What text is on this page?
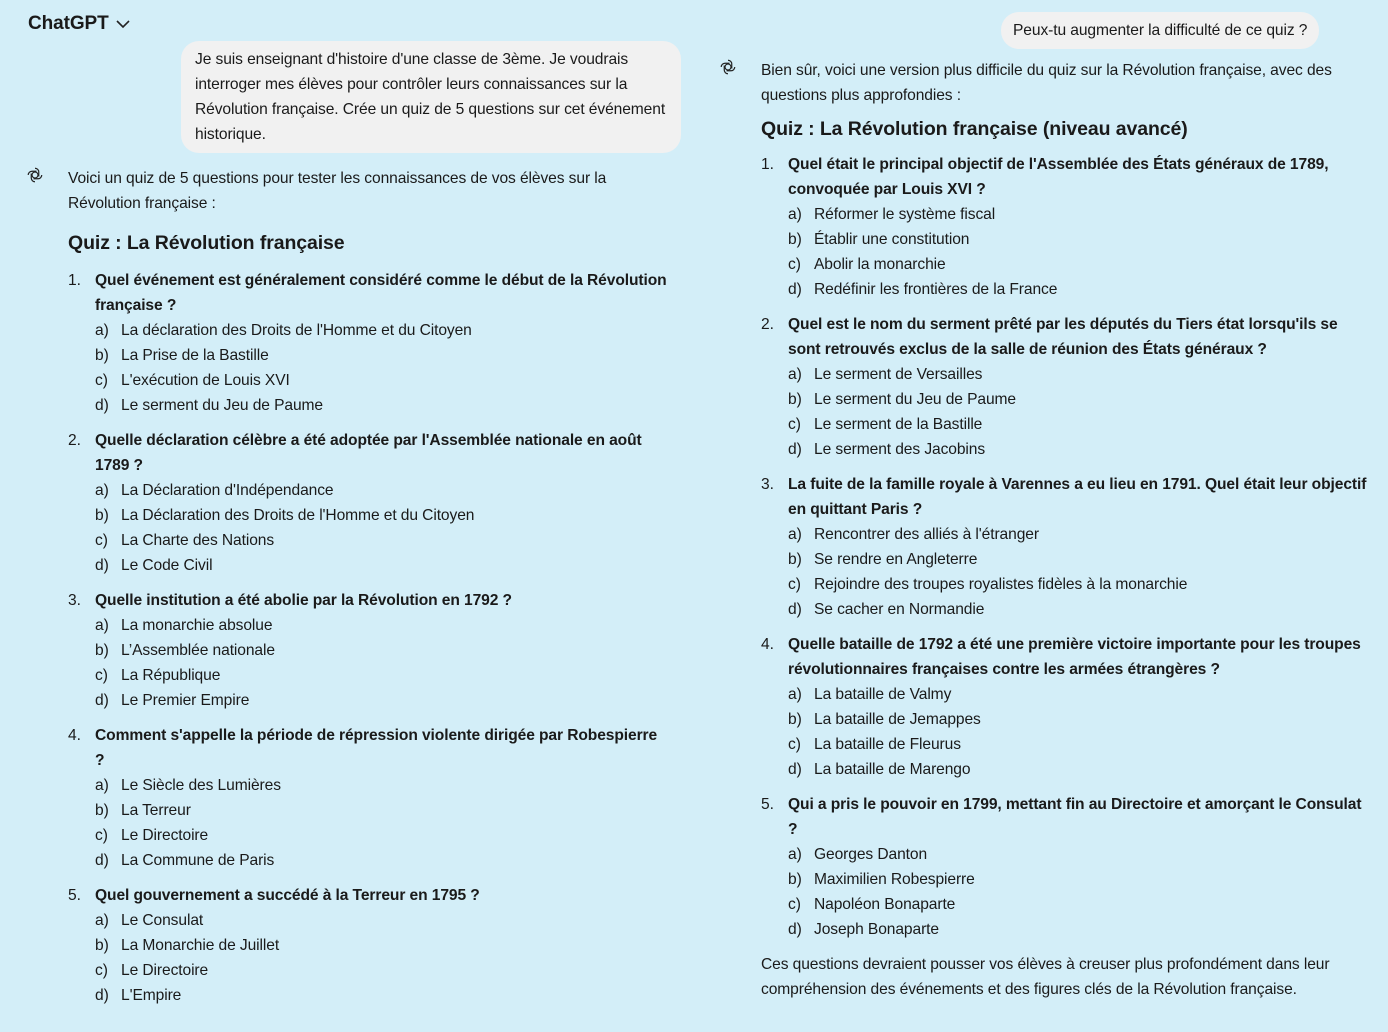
ChatGPT
Je suis enseignant d'histoire d'une classe de 3ème. Je voudrais interroger mes élèves pour contrôler leurs connaissances sur la Révolution française. Crée un quiz de 5 questions sur cet événement historique.
Peux-tu augmenter la difficulté de ce quiz ?

Voici un quiz de 5 questions pour tester les connaissances de vos élèves sur la Révolution française :

Quiz : La Révolution française
1. Quel événement est généralement considéré comme le début de la Révolution française ?
a) La déclaration des Droits de l'Homme et du Citoyen
b) La Prise de la Bastille
c) L'exécution de Louis XVI
d) Le serment du Jeu de Paume
2. Quelle déclaration célèbre a été adoptée par l'Assemblée nationale en août 1789 ?
a) La Déclaration d'Indépendance
b) La Déclaration des Droits de l'Homme et du Citoyen
c) La Charte des Nations
d) Le Code Civil
3. Quelle institution a été abolie par la Révolution en 1792 ?
a) La monarchie absolue
b) L’Assemblée nationale
c) La République
d) Le Premier Empire
4. Comment s'appelle la période de répression violente dirigée par Robespierre ?
a) Le Siècle des Lumières
b) La Terreur
c) Le Directoire
d) La Commune de Paris
5. Quel gouvernement a succédé à la Terreur en 1795 ?
a) Le Consulat
b) La Monarchie de Juillet
c) Le Directoire
d) L'Empire

Bien sûr, voici une version plus difficile du quiz sur la Révolution française, avec des questions plus approfondies :

Quiz : La Révolution française (niveau avancé)
1. Quel était le principal objectif de l'Assemblée des États généraux de 1789, convoquée par Louis XVI ?
a) Réformer le système fiscal
b) Établir une constitution
c) Abolir la monarchie
d) Redéfinir les frontières de la France
2. Quel est le nom du serment prêté par les députés du Tiers état lorsqu'ils se sont retrouvés exclus de la salle de réunion des États généraux ?
a) Le serment de Versailles
b) Le serment du Jeu de Paume
c) Le serment de la Bastille
d) Le serment des Jacobins
3. La fuite de la famille royale à Varennes a eu lieu en 1791. Quel était leur objectif en quittant Paris ?
a) Rencontrer des alliés à l'étranger
b) Se rendre en Angleterre
c) Rejoindre des troupes royalistes fidèles à la monarchie
d) Se cacher en Normandie
4. Quelle bataille de 1792 a été une première victoire importante pour les troupes révolutionnaires françaises contre les armées étrangères ?
a) La bataille de Valmy
b) La bataille de Jemappes
c) La bataille de Fleurus
d) La bataille de Marengo
5. Qui a pris le pouvoir en 1799, mettant fin au Directoire et amorçant le Consulat ?
a) Georges Danton
b) Maximilien Robespierre
c) Napoléon Bonaparte
d) Joseph Bonaparte

Ces questions devraient pousser vos élèves à creuser plus profondément dans leur compréhension des événements et des figures clés de la Révolution française.
